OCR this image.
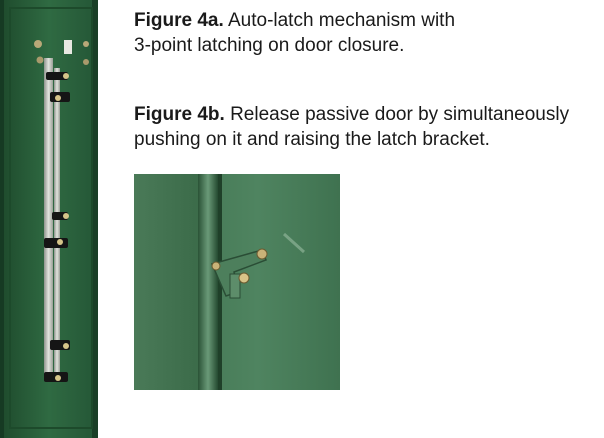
Figure 4a. Auto-latch mechanism with
3-point latching on door closure.
Figure 4b. Release passive door by simultaneously
pushing on it and raising the latch bracket.
